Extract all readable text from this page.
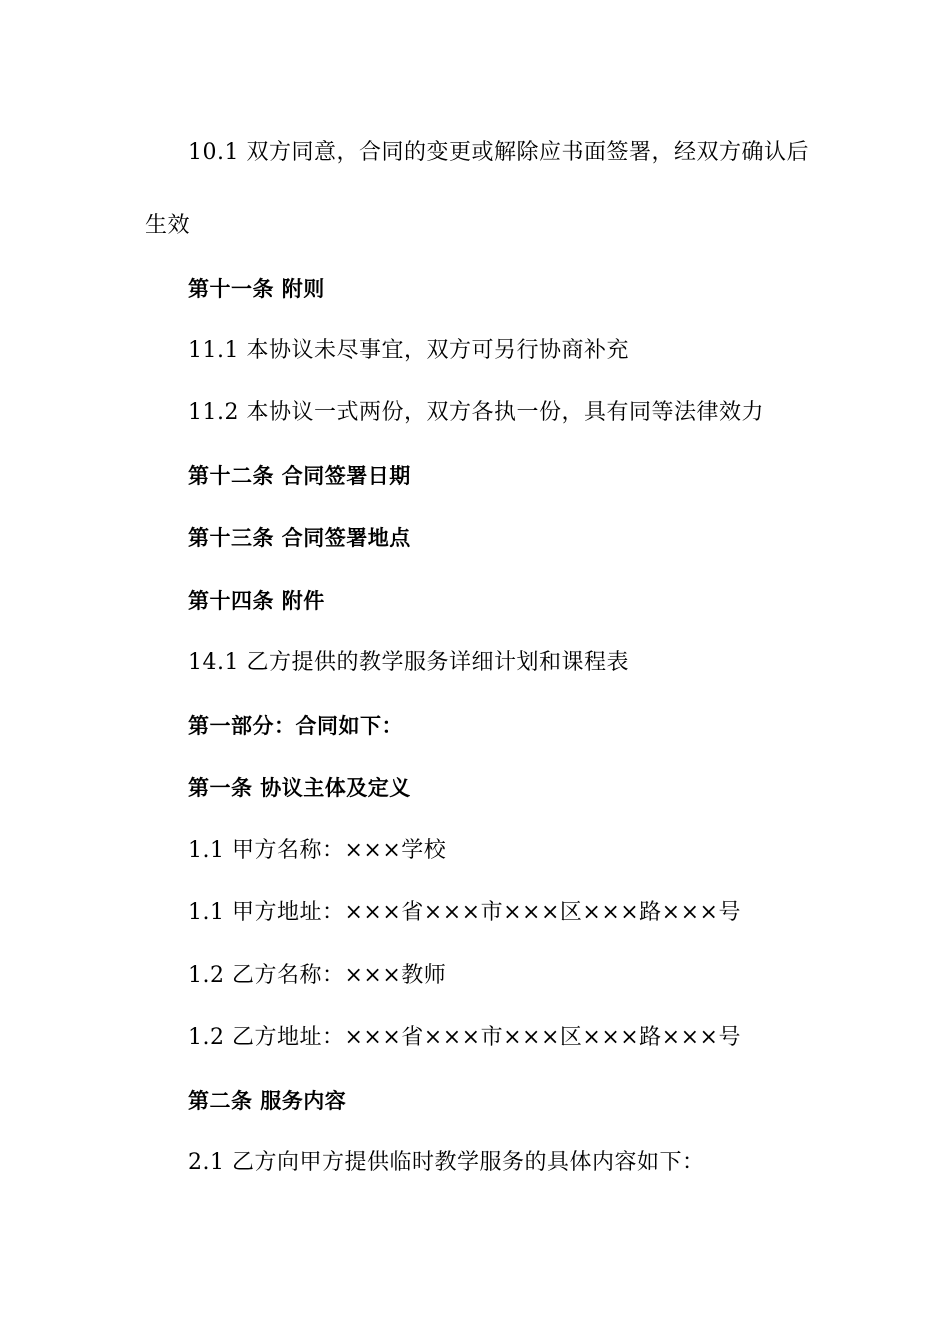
10.1 双方同意，合同的变更或解除应书面签署，经双方确认后
生效
第十一条 附则
11.1 本协议未尽事宜，双方可另行协商补充
11.2 本协议一式两份，双方各执一份，具有同等法律效力
第十二条 合同签署日期
第十三条 合同签署地点
第十四条 附件
14.1 乙方提供的教学服务详细计划和课程表
第一部分：合同如下：
第一条 协议主体及定义
1.1 甲方名称：×××学校
1.1 甲方地址：×××省×××市×××区×××路×××号
1.2 乙方名称：×××教师
1.2 乙方地址：×××省×××市×××区×××路×××号
第二条 服务内容
2.1 乙方向甲方提供临时教学服务的具体内容如下：
